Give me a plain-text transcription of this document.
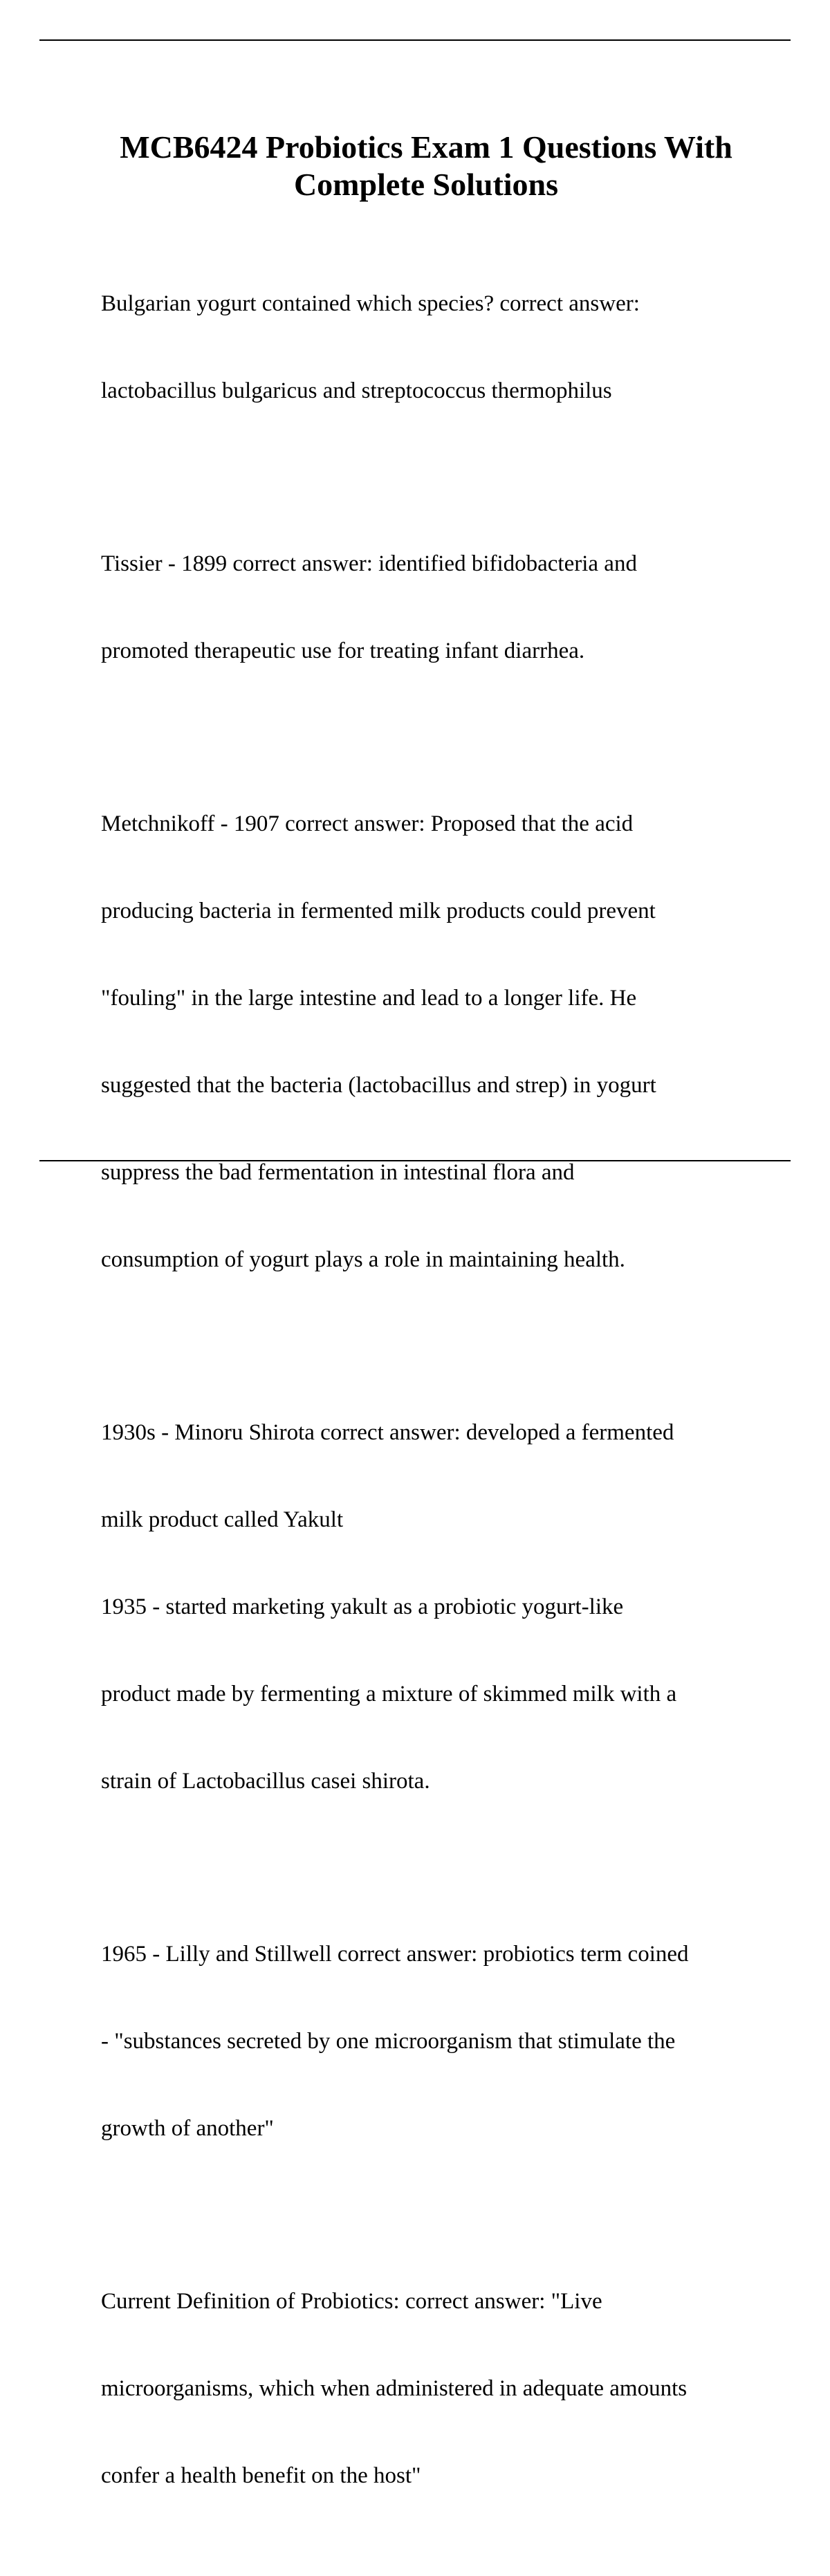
MCB6424 Probiotics Exam 1 Questions With
Complete Solutions

Bulgarian yogurt contained which species? correct answer:

lactobacillus bulgaricus and streptococcus thermophilus

Tissier - 1899 correct answer: identified bifidobacteria and

promoted therapeutic use for treating infant diarrhea.

Metchnikoff - 1907 correct answer: Proposed that the acid

producing bacteria in fermented milk products could prevent

"fouling" in the large intestine and lead to a longer life. He

suggested that the bacteria (lactobacillus and strep) in yogurt

suppress the bad fermentation in intestinal flora and

consumption of yogurt plays a role in maintaining health.

1930s - Minoru Shirota correct answer: developed a fermented

milk product called Yakult

1935 - started marketing yakult as a probiotic yogurt-like

product made by fermenting a mixture of skimmed milk with a

strain of Lactobacillus casei shirota.

1965 - Lilly and Stillwell correct answer: probiotics term coined

- "substances secreted by one microorganism that stimulate the

growth of another"

Current Definition of Probiotics: correct answer: "Live

microorganisms, which when administered in adequate amounts

confer a health benefit on the host"
